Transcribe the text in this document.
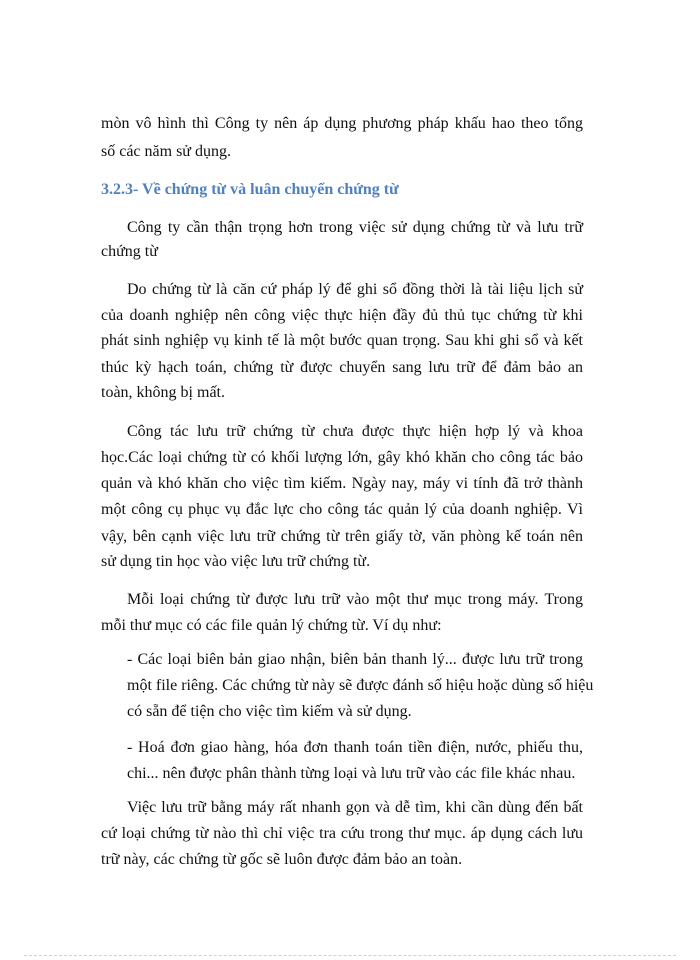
mòn vô hình thì Công ty nên áp dụng phương pháp khấu hao theo tổng
số các năm sử dụng.
3.2.3- Về chứng từ và luân chuyển chứng từ
Công ty cần thận trọng hơn trong việc sử dụng chứng từ và lưu trữ
chứng từ
Do chứng từ là căn cứ pháp lý để ghi sổ đồng thời là tài liệu lịch sử
của doanh nghiệp nên công việc thực hiện đầy đủ thủ tục chứng từ khi
phát sinh nghiệp vụ kinh tế là một bước quan trọng. Sau khi ghi sổ và kết
thúc kỳ hạch toán, chứng từ được chuyển sang lưu trữ để đảm bảo an
toàn, không bị mất.
Công tác lưu trữ chứng từ chưa được thực hiện hợp lý và khoa
học.Các loại chứng từ có khối lượng lớn, gây khó khăn cho công tác bảo
quản và khó khăn cho việc tìm kiếm. Ngày nay, máy vi tính đã trở thành
một công cụ phục vụ đắc lực cho công tác quản lý của doanh nghiệp. Vì
vậy, bên cạnh việc lưu trữ chứng từ trên giấy tờ, văn phòng kế toán nên
sử dụng tin học vào việc lưu trữ chứng từ.
Mỗi loại chứng từ được lưu trữ vào một thư mục trong máy. Trong
mỗi thư mục có các file quản lý chứng từ. Ví dụ như:
- Các loại biên bản giao nhận, biên bản thanh lý... được lưu trữ trong
một file riêng. Các chứng từ này sẽ được đánh số hiệu hoặc dùng số hiệu
có sẵn để tiện cho việc tìm kiếm và sử dụng.
- Hoá đơn giao hàng, hóa đơn thanh toán tiền điện, nước, phiếu thu,
chi... nên được phân thành từng loại và lưu trữ vào các file khác nhau.
Việc lưu trữ bằng máy rất nhanh gọn và dễ tìm, khi cần dùng đến bất
cứ loại chứng từ nào thì chỉ việc tra cứu trong thư mục. áp dụng cách lưu
trữ này, các chứng từ gốc sẽ luôn được đảm bảo an toàn.
